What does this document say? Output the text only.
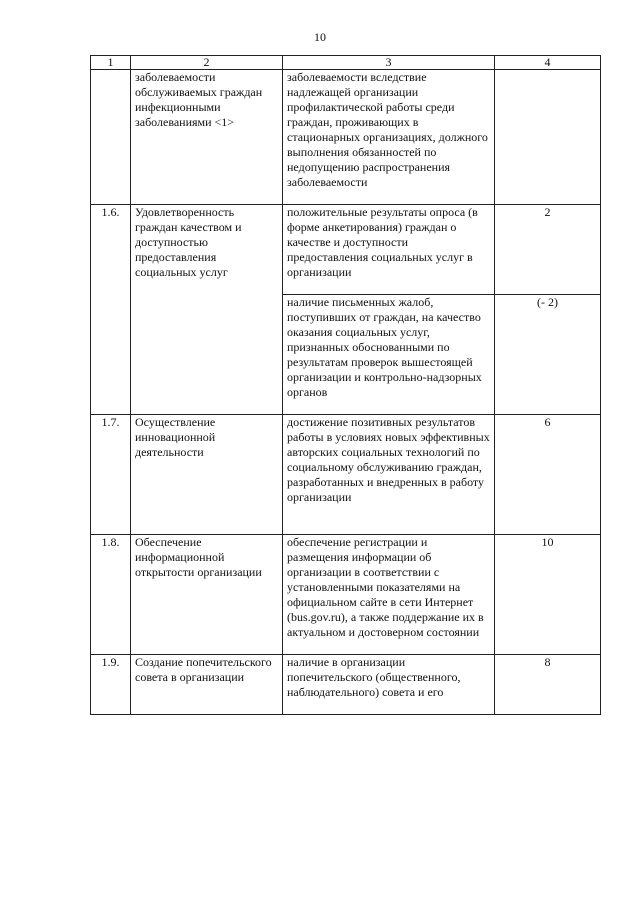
10
1	2	3	4
	заболеваемости обслуживаемых граждан инфекционными заболеваниями <1>	заболеваемости вследствие надлежащей организации профилактической работы среди граждан, проживающих в стационарных организациях, должного выполнения обязанностей по недопущению распространения заболеваемости	
1.6.	Удовлетворенность граждан качеством и доступностью предоставления социальных услуг	положительные результаты опроса (в форме анкетирования) граждан о качестве и доступности предоставления социальных услуг в организации	2
		наличие письменных жалоб, поступивших от граждан, на качество оказания социальных услуг, признанных обоснованными по результатам проверок вышестоящей организации и контрольно-надзорных органов	(- 2)
1.7.	Осуществление инновационной деятельности	достижение позитивных результатов работы в условиях новых эффективных авторских социальных технологий по социальному обслуживанию граждан, разработанных и внедренных в работу организации	6
1.8.	Обеспечение информационной открытости организации	обеспечение регистрации и размещения информации об организации в соответствии с установленными показателями на официальном сайте в сети Интернет (bus.gov.ru), а также поддержание их в актуальном и достоверном состоянии	10
1.9.	Создание попечительского совета в организации	наличие в организации попечительского (общественного, наблюдательного) совета и его	8
